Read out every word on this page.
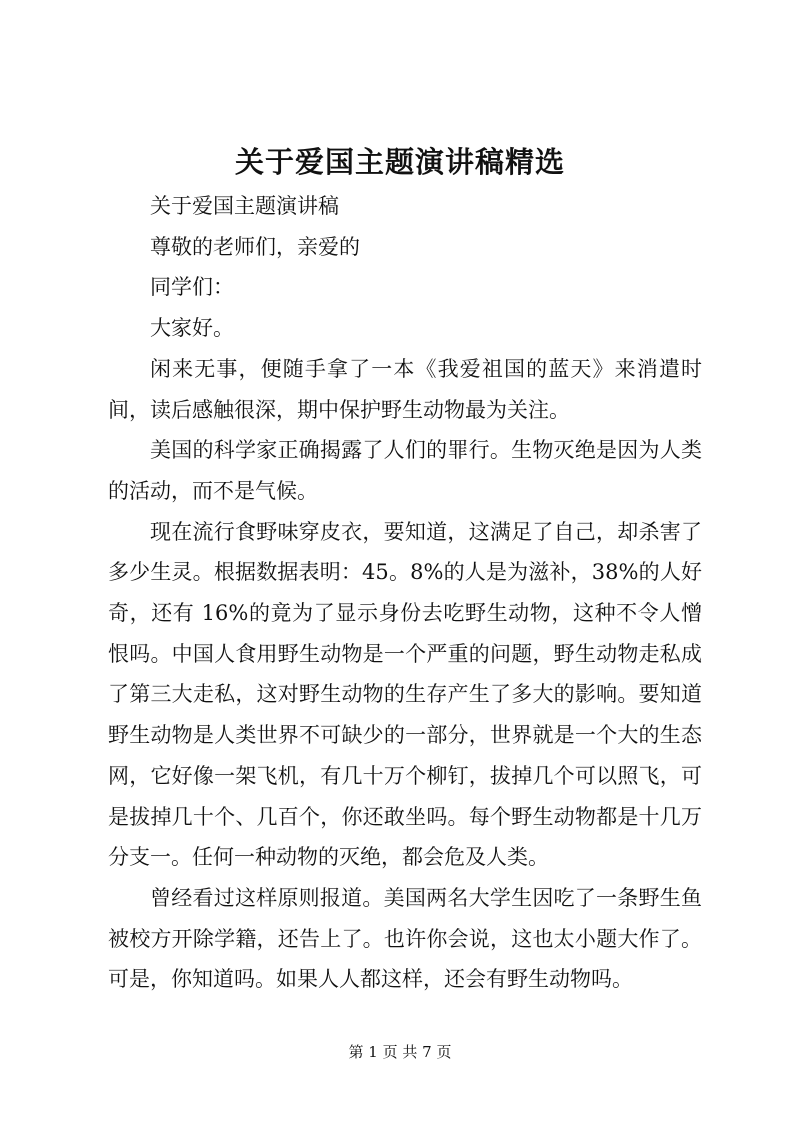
关于爱国主题演讲稿精选

关于爱国主题演讲稿

尊敬的老师们，亲爱的

同学们：

大家好。

闲来无事，便随手拿了一本《我爱祖国的蓝天》来消遣时间，读后感触很深，期中保护野生动物最为关注。

美国的科学家正确揭露了人们的罪行。生物灭绝是因为人类的活动，而不是气候。

现在流行食野味穿皮衣，要知道，这满足了自己，却杀害了多少生灵。根据数据表明：45。8%的人是为滋补，38%的人好奇，还有 16%的竟为了显示身份去吃野生动物，这种不令人憎恨吗。中国人食用野生动物是一个严重的问题，野生动物走私成了第三大走私，这对野生动物的生存产生了多大的影响。要知道野生动物是人类世界不可缺少的一部分，世界就是一个大的生态网，它好像一架飞机，有几十万个柳钉，拔掉几个可以照飞，可是拔掉几十个、几百个，你还敢坐吗。每个野生动物都是十几万分支一。任何一种动物的灭绝，都会危及人类。

曾经看过这样原则报道。美国两名大学生因吃了一条野生鱼被校方开除学籍，还告上了。也许你会说，这也太小题大作了。可是，你知道吗。如果人人都这样，还会有野生动物吗。

第 1 页 共 7 页
